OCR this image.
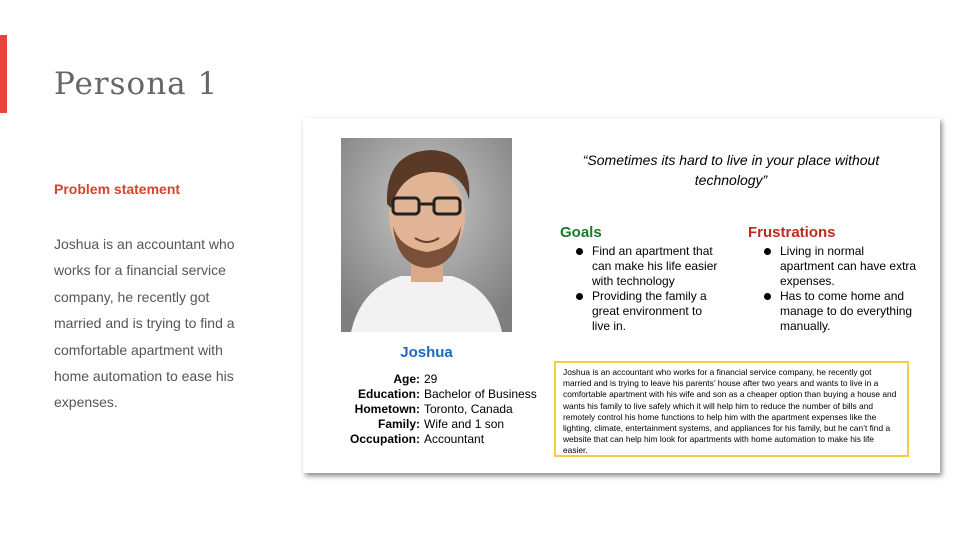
Persona 1
Problem statement

Joshua is an accountant who works for a financial service company, he recently got married and is trying to find a comfortable apartment with home automation to ease his expenses.

Joshua

Age: 29
Education: Bachelor of Business
Hometown: Toronto, Canada
Family: Wife and 1 son
Occupation: Accountant

“Sometimes its hard to live in your place without technology”

Goals
Find an apartment that can make his life easier with technology
Providing the family a great environment to live in.
Frustrations
Living in normal apartment can have extra expenses.
Has to come home and manage to do everything manually.

Joshua is an accountant who works for a financial service company, he recently got married and is trying to leave his parents’ house after two years and wants to live in a comfortable apartment with his wife and son as a cheaper option than buying a house and wants his family to live safely which it will help him to reduce the number of bills and remotely control his home functions to help him with the apartment expenses like the lighting, climate, entertainment systems, and appliances for his family, but he can’t find a website that can help him look for apartments with home automation to make his life easier.
